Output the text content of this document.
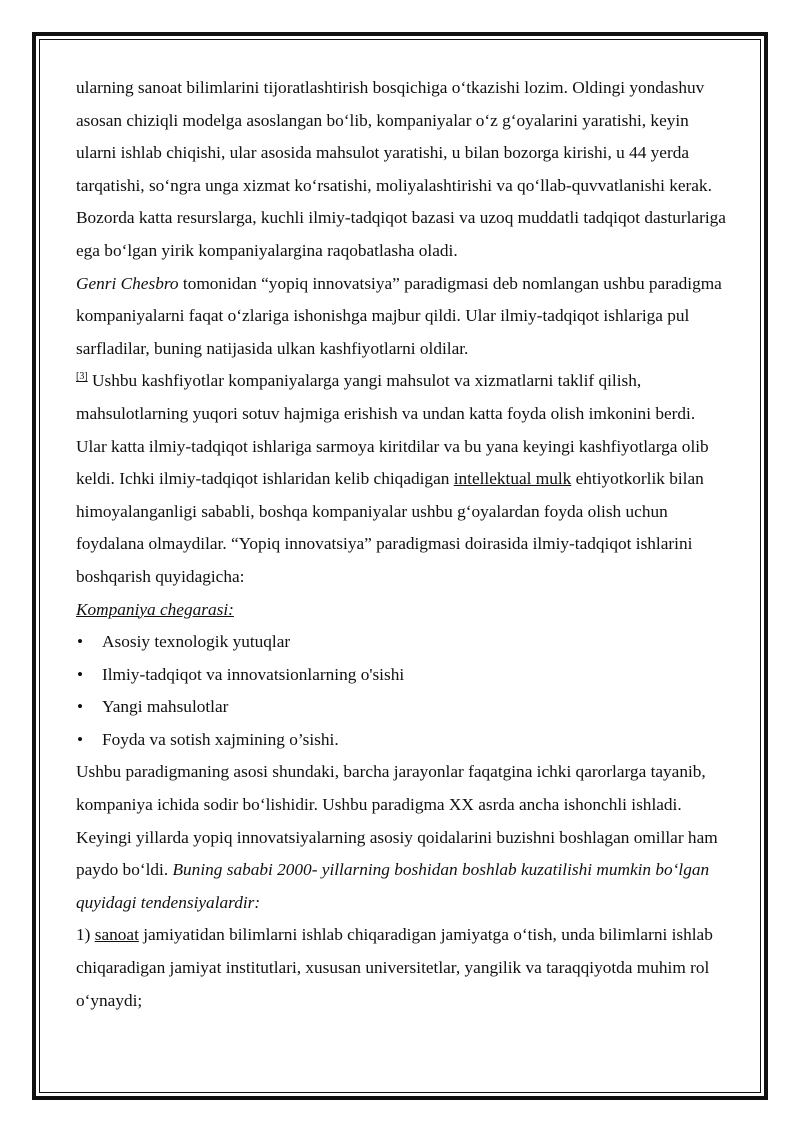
ularning sanoat bilimlarini tijoratlashtirish bosqichiga o‘tkazishi lozim. Oldingi yondashuv asosan chiziqli modelga asoslangan bo‘lib, kompaniyalar o‘z g‘oyalarini yaratishi, keyin ularni ishlab chiqishi, ular asosida mahsulot yaratishi, u bilan bozorga kirishi, u 44 yerda tarqatishi, so‘ngra unga xizmat ko‘rsatishi, moliyalashtirishi va qo‘llab-quvvatlanishi kerak.

Bozorda katta resurslarga, kuchli ilmiy-tadqiqot bazasi va uzoq muddatli tadqiqot dasturlariga ega bo‘lgan yirik kompaniyalargina raqobatlasha oladi.

Genri Chesbro tomonidan “yopiq innovatsiya” paradigmasi deb nomlangan ushbu paradigma kompaniyalarni faqat o‘zlariga ishonishga majbur qildi. Ular ilmiy-tadqiqot ishlariga pul sarfladilar, buning natijasida ulkan kashfiyotlarni oldilar.

[3] Ushbu kashfiyotlar kompaniyalarga yangi mahsulot va xizmatlarni taklif qilish, mahsulotlarning yuqori sotuv hajmiga erishish va undan katta foyda olish imkonini berdi. Ular katta ilmiy-tadqiqot ishlariga sarmoya kiritdilar va bu yana keyingi kashfiyotlarga olib keldi. Ichki ilmiy-tadqiqot ishlaridan kelib chiqadigan intellektual mulk ehtiyotkorlik bilan himoyalanganligi sababli, boshqa kompaniyalar ushbu g‘oyalardan foyda olish uchun foydalana olmaydilar. “Yopiq innovatsiya” paradigmasi doirasida ilmiy-tadqiqot ishlarini boshqarish quyidagicha:

Kompaniya chegarasi:

• Asosiy texnologik yutuqlar
• Ilmiy-tadqiqot va innovatsionlarning o'sishi
• Yangi mahsulotlar
• Foyda va sotish xajmining o’sishi.

Ushbu paradigmaning asosi shundaki, barcha jarayonlar faqatgina ichki qarorlarga tayanib, kompaniya ichida sodir bo‘lishidir. Ushbu paradigma XX asrda ancha ishonchli ishladi. Keyingi yillarda yopiq innovatsiyalarning asosiy qoidalarini buzishni boshlagan omillar ham paydo bo‘ldi. Buning sababi 2000- yillarning boshidan boshlab kuzatilishi mumkin bo‘lgan quyidagi tendensiyalardir:

1) sanoat jamiyatidan bilimlarni ishlab chiqaradigan jamiyatga o‘tish, unda bilimlarni ishlab chiqaradigan jamiyat institutlari, xususan universitetlar, yangilik va taraqqiyotda muhim rol o‘ynaydi;
